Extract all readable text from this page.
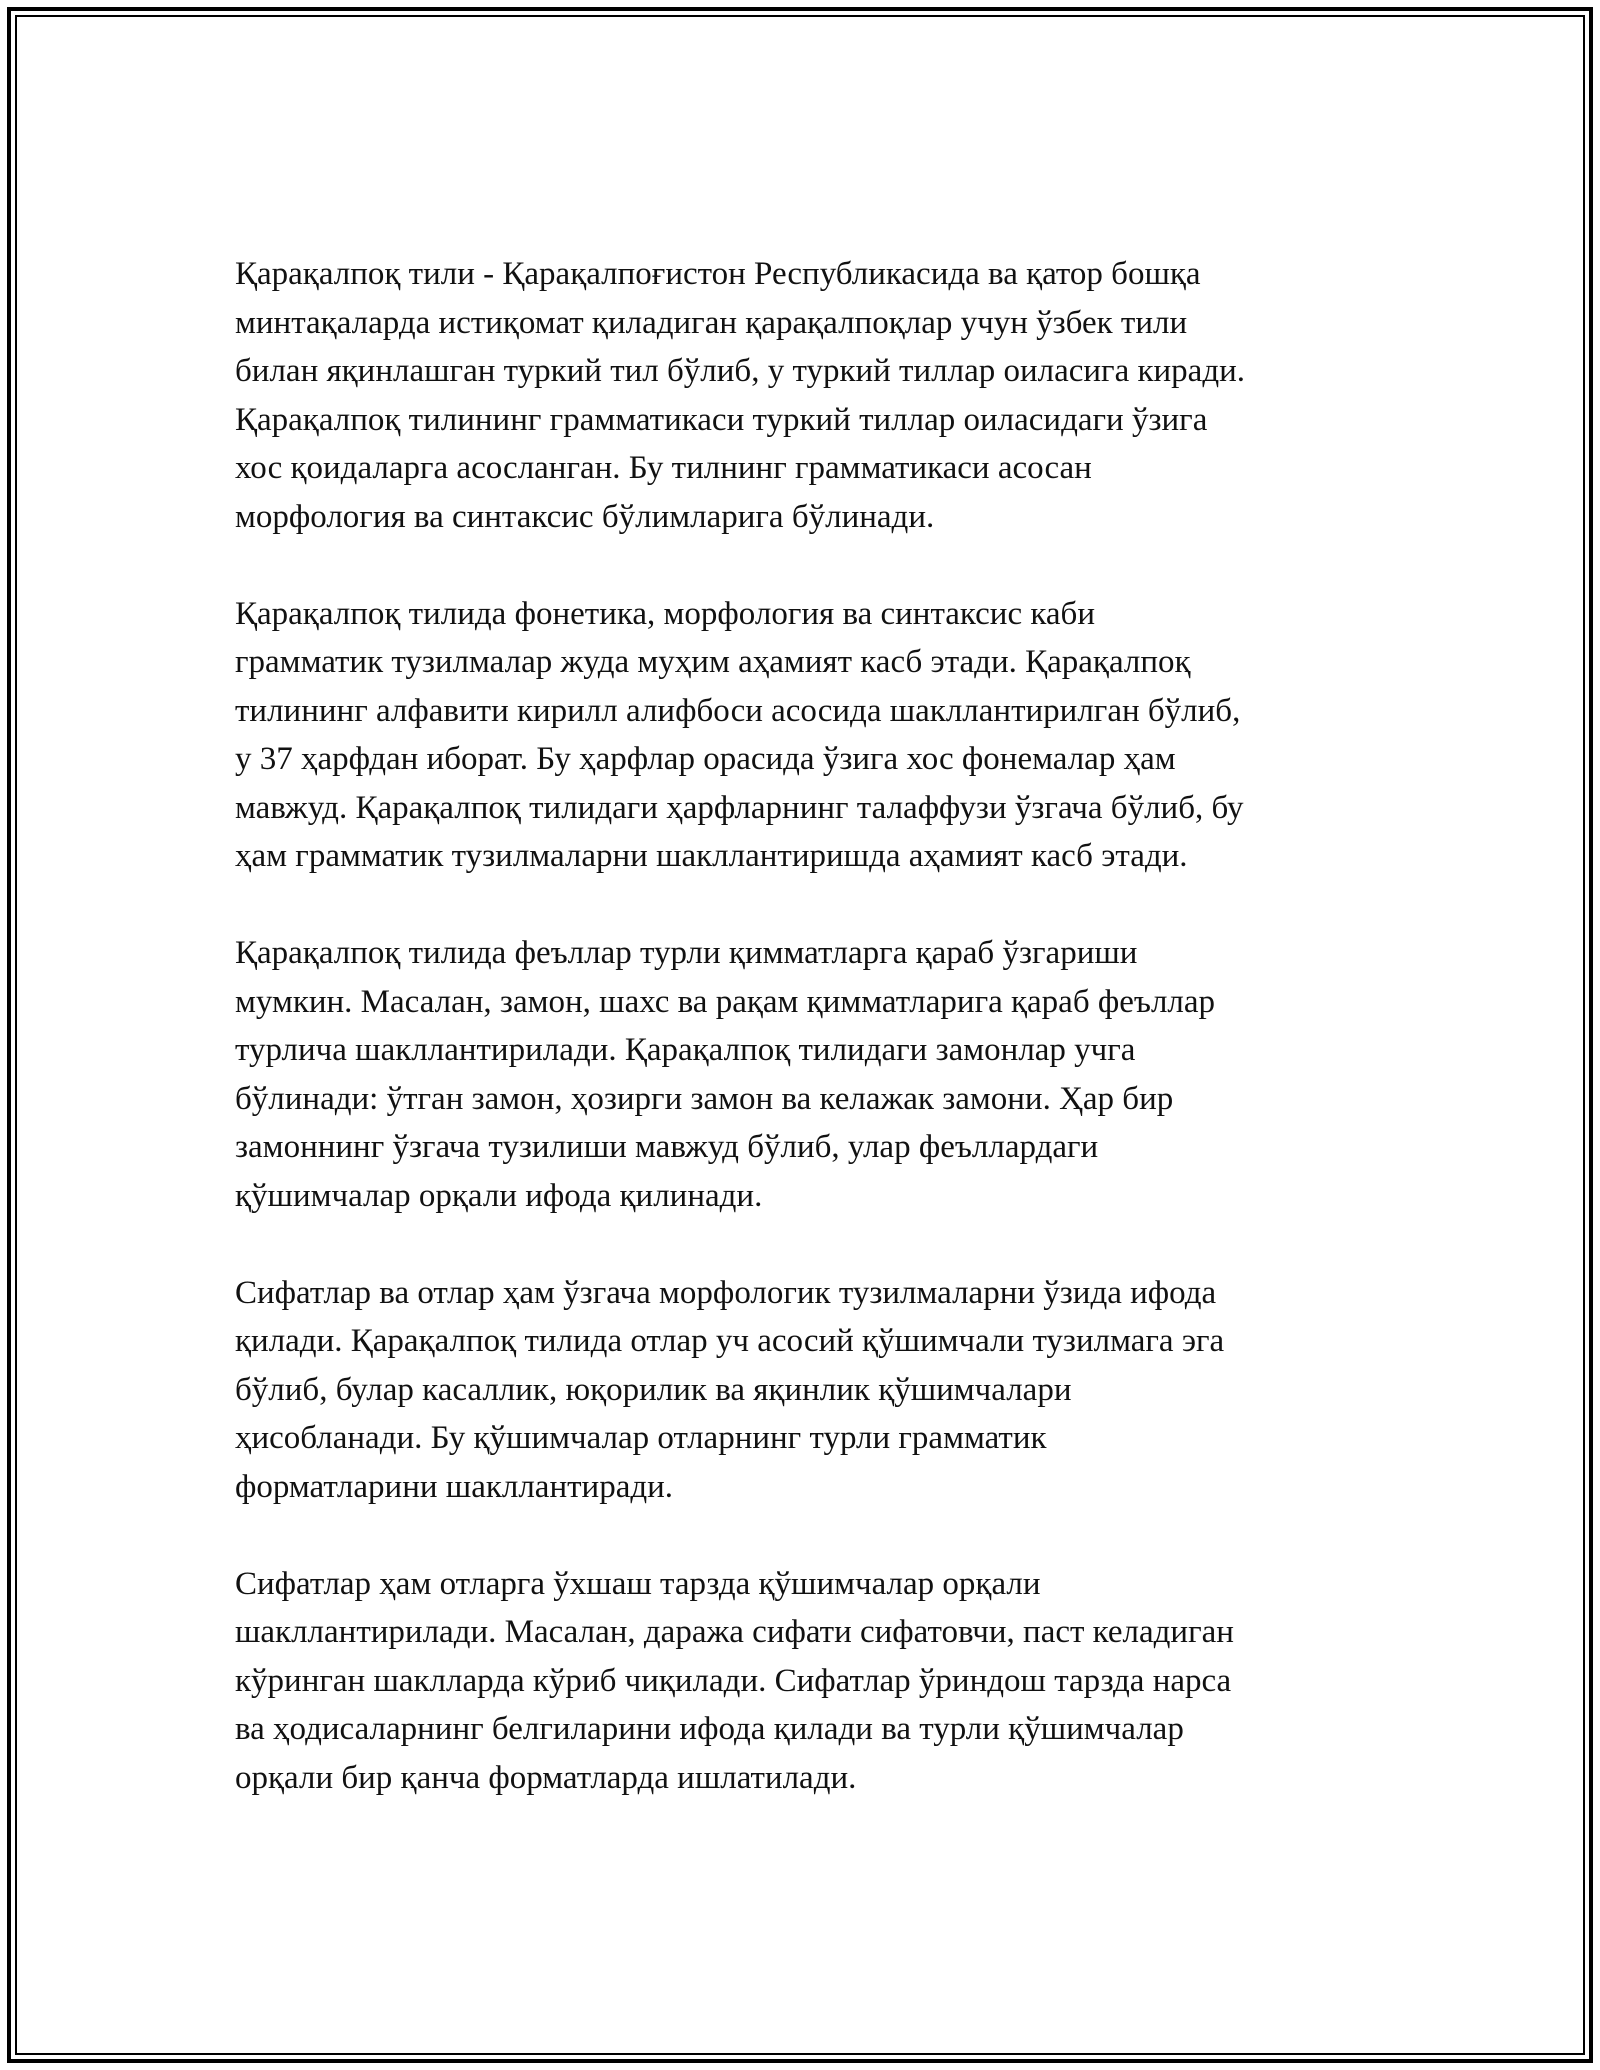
Қарақалпоқ тили - Қарақалпоғистон Республикасида ва қатор бошқа
минтақаларда истиқомат қиладиган қарақалпоқлар учун ўзбек тили
билан яқинлашган туркий тил бўлиб, у туркий тиллар оиласига киради.
Қарақалпоқ тилининг грамматикаси туркий тиллар оиласидаги ўзига
хос қоидаларга асосланган. Бу тилнинг грамматикаси асосан
морфология ва синтаксис бўлимларига бўлинади.

Қарақалпоқ тилида фонетика, морфология ва синтаксис каби
грамматик тузилмалар жуда муҳим аҳамият касб этади. Қарақалпоқ
тилининг алфавити кирилл алифбоси асосида шакллантирилган бўлиб,
у 37 ҳарфдан иборат. Бу ҳарфлар орасида ўзига хос фонемалар ҳам
мавжуд. Қарақалпоқ тилидаги ҳарфларнинг талаффузи ўзгача бўлиб, бу
ҳам грамматик тузилмаларни шакллантиришда аҳамият касб этади.

Қарақалпоқ тилида феъллар турли қимматларга қараб ўзгариши
мумкин. Масалан, замон, шахс ва рақам қимматларига қараб феъллар
турлича шакллантирилади. Қарақалпоқ тилидаги замонлар учга
бўлинади: ўтган замон, ҳозирги замон ва келажак замони. Ҳар бир
замоннинг ўзгача тузилиши мавжуд бўлиб, улар феъллардаги
қўшимчалар орқали ифода қилинади.

Сифатлар ва отлар ҳам ўзгача морфологик тузилмаларни ўзида ифода
қилади. Қарақалпоқ тилида отлар уч асосий қўшимчали тузилмага эга
бўлиб, булар касаллик, юқорилик ва яқинлик қўшимчалари
ҳисобланади. Бу қўшимчалар отларнинг турли грамматик
форматларини шакллантиради.

Сифатлар ҳам отларга ўхшаш тарзда қўшимчалар орқали
шакллантирилади. Масалан, даража сифати сифатовчи, паст келадиган
кўринган шаклларда кўриб чиқилади. Сифатлар ўриндош тарзда нарса
ва ҳодисаларнинг белгиларини ифода қилади ва турли қўшимчалар
орқали бир қанча форматларда ишлатилади.
